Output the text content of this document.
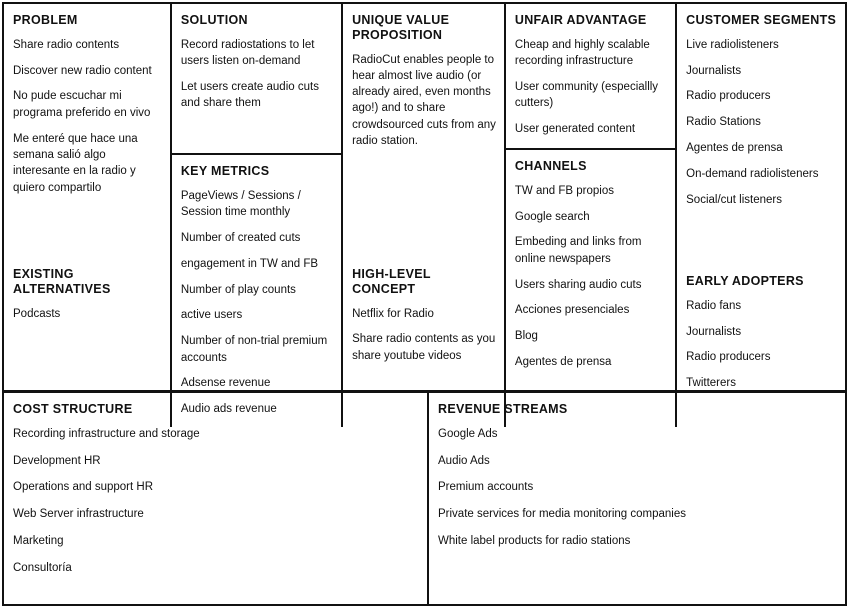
PROBLEM

Share radio contents

Discover new radio content

No pude escuchar mi programa preferido en vivo

Me enteré que hace una semana salió algo interesante en la radio y quiero compartilo

EXISTING ALTERNATIVES

Podcasts

SOLUTION

Record radiostations to let users listen on-demand

Let users create audio cuts and share them

KEY METRICS

PageViews / Sessions / Session time monthly

Number of created cuts

engagement in TW and FB

Number of play counts

active users

Number of non-trial premium accounts

Adsense revenue

Audio ads revenue

UNIQUE VALUE PROPOSITION

RadioCut enables people to hear almost live audio (or already aired, even months ago!) and to share crowdsourced cuts from any radio station.

HIGH-LEVEL CONCEPT

Netflix for Radio

Share radio contents as you share youtube videos

UNFAIR ADVANTAGE

Cheap and highly scalable recording infrastructure

User community (especiallly cutters)

User generated content

CHANNELS

TW and FB propios

Google search

Embeding and links from online newspapers

Users sharing audio cuts

Acciones presenciales

Blog

Agentes de prensa

CUSTOMER SEGMENTS

Live radiolisteners

Journalists

Radio producers

Radio Stations

Agentes de prensa

On-demand radiolisteners

Social/cut listeners

EARLY ADOPTERS

Radio fans

Journalists

Radio producers

Twitterers

COST STRUCTURE

Recording infrastructure and storage

Development HR

Operations and support HR

Web Server infrastructure

Marketing

Consultoría

REVENUE STREAMS

Google Ads

Audio Ads

Premium accounts

Private services for media monitoring companies

White label products for radio stations
